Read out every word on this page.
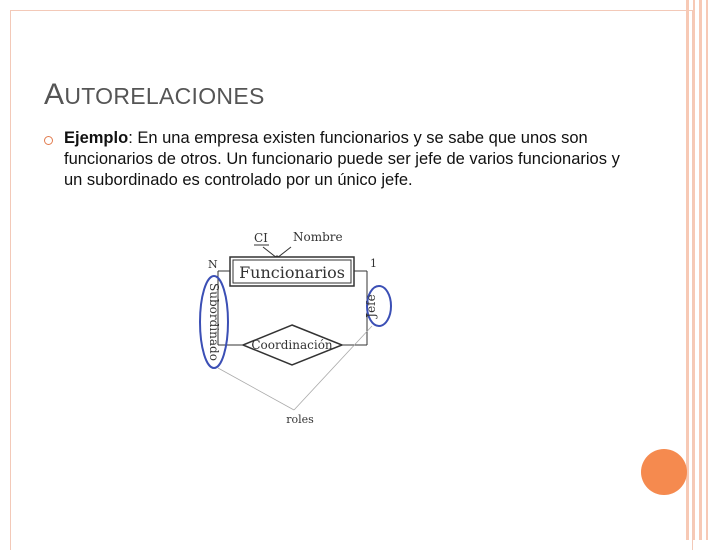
AUTORELACIONES
Ejemplo: En una empresa existen funcionarios y se sabe que unos son funcionarios de otros. Un funcionario puede ser jefe de varios funcionarios y un subordinado es controlado por un único jefe.
CI Nombre
N	1
Funcionarios
Coordinación
Subordinado	Jefe
roles
